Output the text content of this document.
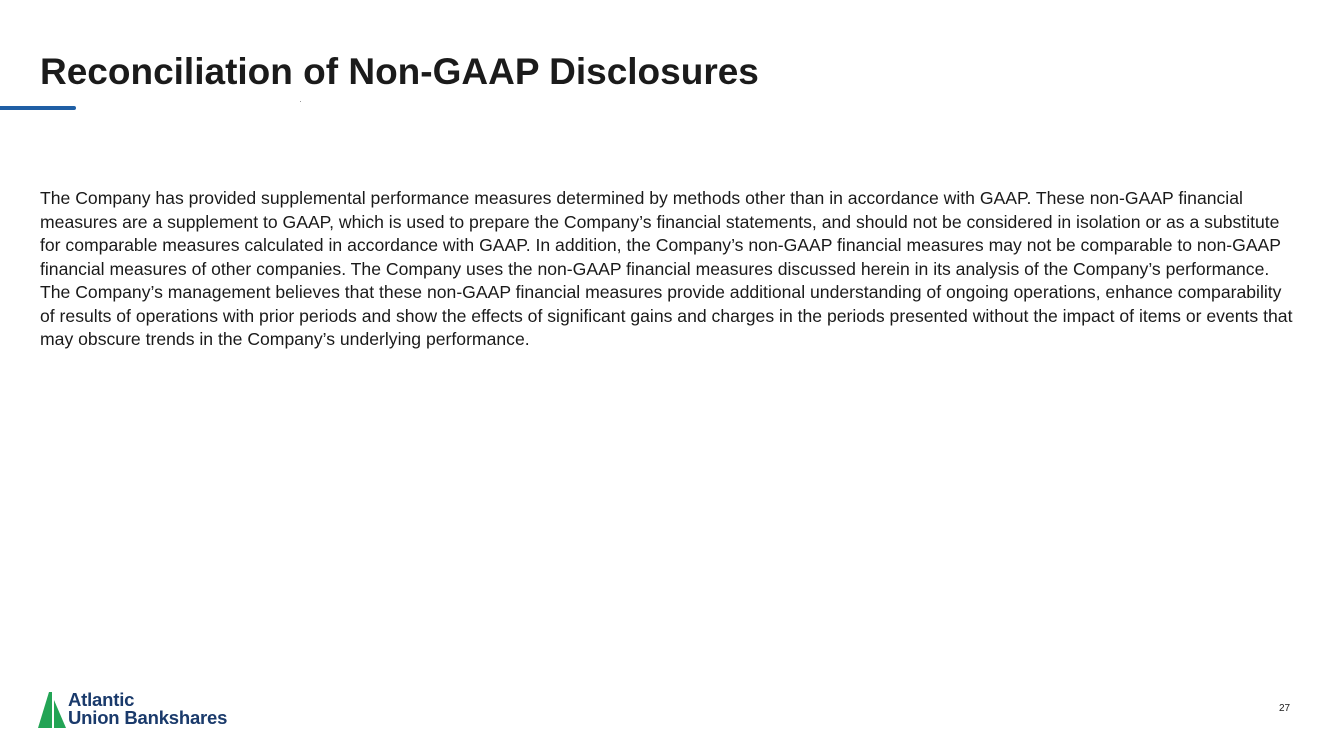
Reconciliation of Non-GAAP Disclosures

The Company has provided supplemental performance measures determined by methods other than in accordance with GAAP. These non-GAAP financial measures are a supplement to GAAP, which is used to prepare the Company’s financial statements, and should not be considered in isolation or as a substitute for comparable measures calculated in accordance with GAAP. In addition, the Company’s non-GAAP financial measures may not be comparable to non-GAAP financial measures of other companies. The Company uses the non-GAAP financial measures discussed herein in its analysis of the Company’s performance. The Company’s management believes that these non-GAAP financial measures provide additional understanding of ongoing operations, enhance comparability of results of operations with prior periods and show the effects of significant gains and charges in the periods presented without the impact of items or events that may obscure trends in the Company’s underlying performance.

Atlantic
Union Bankshares	27
